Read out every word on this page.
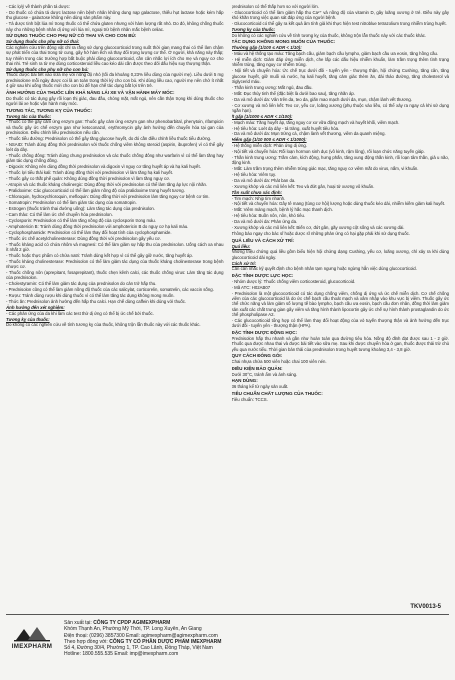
- Các lọ/ỷ về thành phần tá dược:
- Do thuốc có chứa tá dược lactose nên bệnh nhân không dung nạp galactose, thiếu hụt lactase hoặc kém hấp thu glucose - galactose không nên dùng sản phẩm này.
- Tá dược tinh bột lúa mì trong thuốc có thể chứa gluten nhưng với hàm lượng rất nhỏ. Do đó, không chống thuốc này cho những bệnh nhân dị ứng với lúa mì, ngoại trừ bệnh nhân mắc bệnh celiac.
SỬ DỤNG THUỐC CHO PHỤ NỮ CÓ THAI VÀ CHO CON BÚ:
Sử dụng thuốc cho phụ nữ có thai:
Các nghiên cứu trên động vật chỉ ra rằng sử dụng glucocorticoid trong suốt thời gian mang thai có thể làm chậm sự phát triển của thai trong tử cung, gây hở hàm ếch và thay đổi trọng lượng cơ thể. Ở người, khả năng này thấp; tuy nhiên trong các trường hợp bắt buộc phải dùng glucocorticoid, cần cân nhắc lợi ích cho mẹ và nguy cơ cho thai nhi. Trẻ sinh ra từ mẹ dùng corticosteroid liều cao kéo dài cần được theo dõi dấu hiệu suy thượng thận.
Sử dụng thuốc cho phụ nữ cho con bú:
Thuốc được bài tiết vào sữa mẹ với nồng độ nhỏ (tối đa khoảng 0,23% liều dùng của người mẹ). Liều dưới 5 mg prednisolone mỗi ngày được coi là an toàn trong thời kỳ cho con bú. Khi dùng liều cao, người mẹ nên chờ ít nhất 4 giờ sau khi uống thuốc mới cho con bú để hạn chế tác dụng bất lợi trên trẻ.
ẢNH HƯỞNG CỦA THUỐC LÊN KHẢ NĂNG LÁI XE VÀ VẬN HÀNH MÁY MÓC:
Do thuốc có tác dụng gây rối loạn thị giác, đau đầu, chóng mặt, mất ngủ, nên cần thận trọng khi dùng thuốc cho người lái xe hoặc vận hành máy móc.
TƯƠNG TÁC, TƯƠNG KỴ CỦA THUỐC:
Tương tác của thuốc:
- Thuốc có thể gây cảm ứng enzym gan: Thuốc gây cảm ứng enzym gan như phenobarbital, phenytoin, rifampicin và thuốc gây ức chế enzym gan như ketoconazol, erythromycin gây ảnh hưởng đến chuyển hóa tại gan của prednisolon. Điều chỉnh liều prednisolon nếu cần.
- Thuốc tiểu đường: Prednisolon có thể gây tăng glucose huyết, do đó cần điều chỉnh liều thuốc tiểu đường.
- NSAID: Tránh dùng đồng thời prednisolon với thuốc chống viêm không steroid (aspirin, ibuprofen) vì có thể gây loét dạ dày.
- Thuốc chống đông: Tránh dùng chung prednisolon và các thuốc chống đông như warfarin vì có thể làm tăng hay giảm tác dụng chống đông.
- Digoxin: Không nên dùng đồng thời prednisolon và digoxin vì nguy cơ tăng huyết áp và hạ kali huyết.
- Thuốc lợi tiểu thải kali: Tránh dùng đồng thời với prednisolon vì làm tăng hạ kali huyết.
- Thuốc gây co thắt phế quản: Không dùng đồng thời prednisolon vì làm tăng nguy cơ.
- Atropin và các thuốc kháng cholinergic: Dùng đồng thời với prednisolon có thể làm tăng áp lực nội nhãn.
- Pralidoxime: Các glucocorticoid có thể làm giảm nồng độ của pralidoxime trong huyết tương.
- Chloroquin, hydroxychloroquin, mefloquin: Dùng đồng thời với prednisolon làm tăng nguy cơ bệnh cơ tim.
- Somatropin: Prednisolon có thể làm giảm tác dụng của somatropin.
- Estrogen (thuốc tránh thai đường uống): Làm tăng tác dụng của prednisolon.
- Cam thảo: Có thể làm ức chế chuyển hóa prednisolon.
- Cyclosporin: Prednisolon có thể làm tăng nồng độ của cyclosporin trong máu.
- Amphotericin B: Tránh dùng đồng thời prednisolon với amphotericin B do nguy cơ hạ kali máu.
- Cyclophosphamide: Prednisolon có thể làm thay đổi hoạt tính của cyclophosphamide.
- Thuốc ức chế acetylcholinesterase: Dùng đồng thời với prednisolon gây yếu cơ.
- Thuốc kháng acid có chứa nhôm và magnesi: Có thể làm giảm sự hấp thu của prednisolon. Uống cách xa nhau ít nhất 2 giờ.
- Thuốc hoặc thực phẩm có chứa natri: Tránh dùng kết hợp vì có thể gây giữ nước, tăng huyết áp.
- Thuốc kháng cholinesterase: Prednisolon có thể làm giảm tác dụng của thuốc kháng cholinesterase trong bệnh nhược cơ.
- Thuốc chống nôn (aprepitant, fosaprepitant), thuốc chẹn kênh calci, các thuốc chống virus: Làm tăng tác dụng của prednisolon.
- Cholestyramin: Có thể làm giảm tác dụng của prednisolon do cản trở hấp thu.
- Prednisolon cũng có thể làm giảm nồng độ thuốc của các salicylat, corticorelin, somatrelin, các vaccin sống.
- Rượu: Tránh dùng rượu khi dùng thuốc vì có thể làm tăng tác dụng không mong muốn.
- Thức ăn: Prednisolon ảnh hưởng đến hấp thu calci. Hạn chế dùng caffein khi dùng với thuốc.
Ảnh hưởng đến xét nghiệm:
- Các phản ứng của da khi làm các test thử dị ứng có thể bị ức chế bởi thuốc.
Tương kỵ của thuốc:
Do không có các nghiên cứu về tính tương kỵ của thuốc, không trộn lẫn thuốc này với các thuốc khác.
prednisolon có thể thấp hơn so với người lớn.
- Glucocorticoid có thể làm giảm hấp thu Ca²⁺ và nồng độ của vitamin D, gây loãng xương ở trẻ. Điều này gây khó khăn trong việc quan sát đáp ứng của người bệnh.
- Glucocorticoid có thể gây ra kết quả âm tính giả khi thực hiện test nitroblue tetrazolium trong nhiễm trùng huyết.
Tương kỵ của thuốc:
Do không có các nghiên cứu về tính tương kỵ của thuốc, không trộn lẫn thuốc này với các thuốc khác.
TÁC DỤNG KHÔNG MONG MUỐN CỦA THUỐC:
Thường gặp (1/100 ≤ ADR < 1/10):
- Máu và hệ thống tạo máu: Tăng bạch cầu, giảm bạch cầu lympho, giảm bạch cầu ưa eosin, tăng hồng cầu.
- Hệ miễn dịch: Giảm đáp ứng miễn dịch, che lấp các dấu hiệu nhiễm khuẩn, làm trầm trọng thêm tình trạng nhiễm trùng, tăng nguy cơ nhiễm trùng.
- Nội tiết và chuyển hóa: Ức chế trục dưới đồi - tuyến yên - thượng thận, hội chứng Cushing, tăng cân, tăng glucose huyết, giữ muối và nước, hạ kali huyết, tăng cảm giác thèm ăn, đái tháo đường, tăng cholesterol và triglycerid máu.
- Thần kinh trung ương: Mất ngủ, đau đầu.
- Mắt: Đục thủy tinh thể (đặc biệt là dưới bao sau), tăng nhãn áp.
- Da và mô dưới da: Vân trên da, teo da, giãn mao mạch dưới da, mụn, chậm lành vết thương.
- Cơ xương và mô liên kết: Teo cơ, yếu cơ, loãng xương (phụ thuộc vào liều, có thể xảy ra ngay cả khi sử dụng ngắn hạn).
Ít gặp (1/1000 ≤ ADR < 1/100):
- Mạch máu: Tăng huyết áp, tăng nguy cơ xơ vữa động mạch và huyết khối, viêm mạch.
- Hệ tiêu hóa: Loét dạ dày - tá tràng, xuất huyết tiêu hóa.
- Da và mô dưới da: Mụn trứng cá, chậm lành vết thương, viêm da quanh miệng.
Hiếm gặp (1/10 000 ≤ ADR < 1/1000):
- Hệ thống miễn dịch: Phản ứng dị ứng.
- Nội tiết và chuyển hóa: Rối loạn hormon sinh dục (vô kinh, rậm lông), rối loạn chức năng tuyến giáp.
- Thần kinh trung ương: Trầm cảm, kích động, hưng phấn, tăng xung động thần kinh, rối loạn tâm thần, giả u não, động kinh.
- Mắt: Làm trầm trọng thêm nhiễm trùng giác mạc, tăng nguy cơ viêm mắt do virus, nấm, vi khuẩn.
- Hệ tiêu hóa: Viêm tụy.
- Da và mô dưới da: Phát ban da.
- Xương khớp và các mô liên kết: Teo và đứt gân, hoại tử xương vô khuẩn.
Tần suất chưa xác định:
- Tim mạch: Nhịp tim nhanh.
- Nội tiết và chuyển hóa: Gây tê mang (tùng cơ hội) lượng hoặc dùng thuốc kéo dài, nhiễm kiềm giảm kali huyết.
- Mắt: Viêm màng mạch, bệnh lý hắc mạc thanh dịch.
- Hệ tiêu hóa: Buồn nôn, nôn, khó tiêu.
- Da và mô dưới da: Phản ứng da.
- Xương khớp và các mô liên kết: Biến cơ, đứt gân, gãy xương cột sống và các xương dài.
Thông báo ngay cho bác sĩ hoặc dược sĩ những phản ứng có hại gặp phải khi sử dụng thuốc.
QUÁ LIỀU VÀ CÁCH XỬ TRÍ:
Quá liều:
Những triệu chứng quá liều gồm biểu hiện hội chứng dạng Cushing, yếu cơ, loãng xương, chỉ xảy ra khi dùng glucocorticoid dài ngày.
Cách xử trí:
Cần cân nhắc kỹ quyết định cho bệnh nhân tạm ngưng hoặc ngừng hẳn việc dùng glucocorticoid.
ĐẶC TÍNH DƯỢC LỰC HỌC:
- Nhóm dược lý: Thuốc chống viêm corticosteroid, glucocorticoid.
- Mã ATC: H02AB07
- Prednisolon là một glucocorticoid có tác dụng chống viêm, chống dị ứng và ức chế miễn dịch. Cơ chế chống viêm của các glucocorticoid là do ức chế bạch cầu thoát mạch và xâm nhập vào khu vực bị viêm. Thuốc gây ức chế chức năng và làm giảm số lượng tế bào lympho, bạch cầu ưa eosin, bạch cầu đơn nhân, đồng thời làm giảm sản xuất các chất trung gian gây viêm và tăng hình thành lipocortin gây ức chế sự hình thành prostaglandin do ức chế phospholipase A2.
- Các glucocorticoid tổng hợp có thể làm thay đổi hoạt động của vỏ tuyến thượng thận và ảnh hưởng đến trục dưới đồi - tuyến yên - thượng thận (HPA).
ĐẶC TÍNH DƯỢC ĐỘNG HỌC:
Prednisolon hấp thu nhanh và gần như hoàn toàn qua đường tiêu hóa. Nồng độ đỉnh đạt được sau 1 - 2 giờ. Thuốc qua được nhau thai và được bài tiết vào sữa mẹ. Sau khi được chuyển hóa ở gan, thuốc được thải trừ chủ yếu qua nước tiểu. Thời gian bán thải của prednisolon trong huyết tương khoảng 3,4 - 3,8 giờ.
QUY CÁCH ĐÓNG GÓI:
Chai nhựa chứa 500 viên hoặc chai 100 viên nén.
ĐIỀU KIỆN BẢO QUẢN:
Dưới 30°C, tránh ẩm và ánh sáng.
HẠN DÙNG:
36 tháng kể từ ngày sản xuất.
TIÊU CHUẨN CHẤT LƯỢNG CỦA THUỐC:
Tiêu chuẩn: TCCS.
TKV0013-5
IMEXPHARM
Sản xuất tại: CÔNG TY CPDP AGIMEXPHARM
Khóm Thạnh An, Phường Mỹ Thới, TP. Long Xuyên, An Giang
Điện thoại: (0296) 3857300 Email: agimexpharm@agimexpharm.com
Theo hợp đồng với: CÔNG TY CỔ PHẦN DƯỢC PHẨM IMEXPHARM
Số 4, Đường 30/4, Phường 1, TP. Cao Lãnh, Đồng Tháp, Việt Nam
Hotline: 1800.555.535 Email: imp@imexpharm.com
